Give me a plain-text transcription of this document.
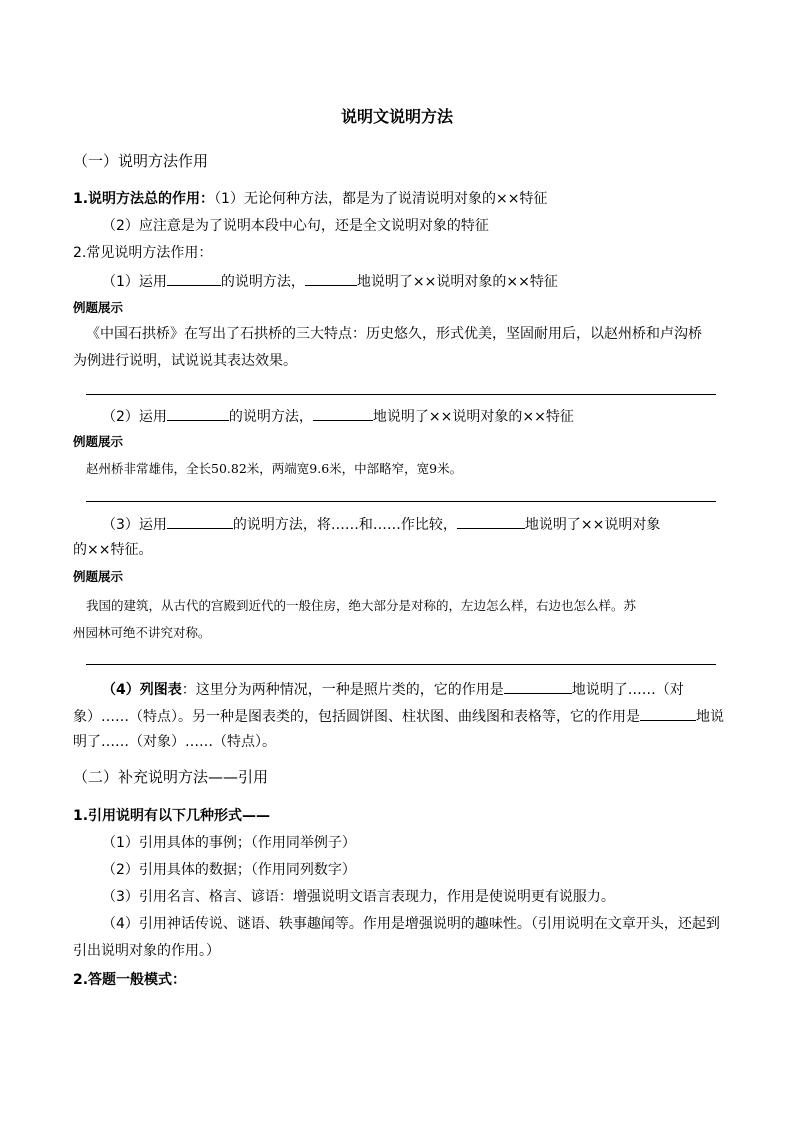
说明文说明方法
（一）说明方法作用
1.说明方法总的作用：（1）无论何种方法，都是为了说清说明对象的××特征
（2）应注意是为了说明本段中心句，还是全文说明对象的特征
2.常见说明方法作用：
（1）运用	的说明方法，	地说明了××说明对象的××特征
例题展示
《中国石拱桥》在写出了石拱桥的三大特点：历史悠久，形式优美，坚固耐用后，以赵州桥和卢沟桥
为例进行说明，试说说其表达效果。
（2）运用	的说明方法，	地说明了××说明对象的××特征
例题展示
赵州桥非常雄伟，全长50.82米，两端宽9.6米，中部略窄，宽9米。
（3）运用	的说明方法，将……和……作比较，	地说明了××说明对象
的××特征。
例题展示
我国的建筑，从古代的宫殿到近代的一般住房，绝大部分是对称的，左边怎么样，右边也怎么样。苏
州园林可绝不讲究对称。
（4）列图表：这里分为两种情况，一种是照片类的，它的作用是	地说明了……（对
象）……（特点）。另一种是图表类的，包括圆饼图、柱状图、曲线图和表格等，它的作用是	地说
明了……（对象）……（特点）。
（二）补充说明方法——引用
1.引用说明有以下几种形式——
（1）引用具体的事例；（作用同举例子）
（2）引用具体的数据；（作用同列数字）
（3）引用名言、格言、谚语：增强说明文语言表现力，作用是使说明更有说服力。
（4）引用神话传说、谜语、轶事趣闻等。作用是增强说明的趣味性。（引用说明在文章开头，还起到
引出说明对象的作用。）
2.答题一般模式：
